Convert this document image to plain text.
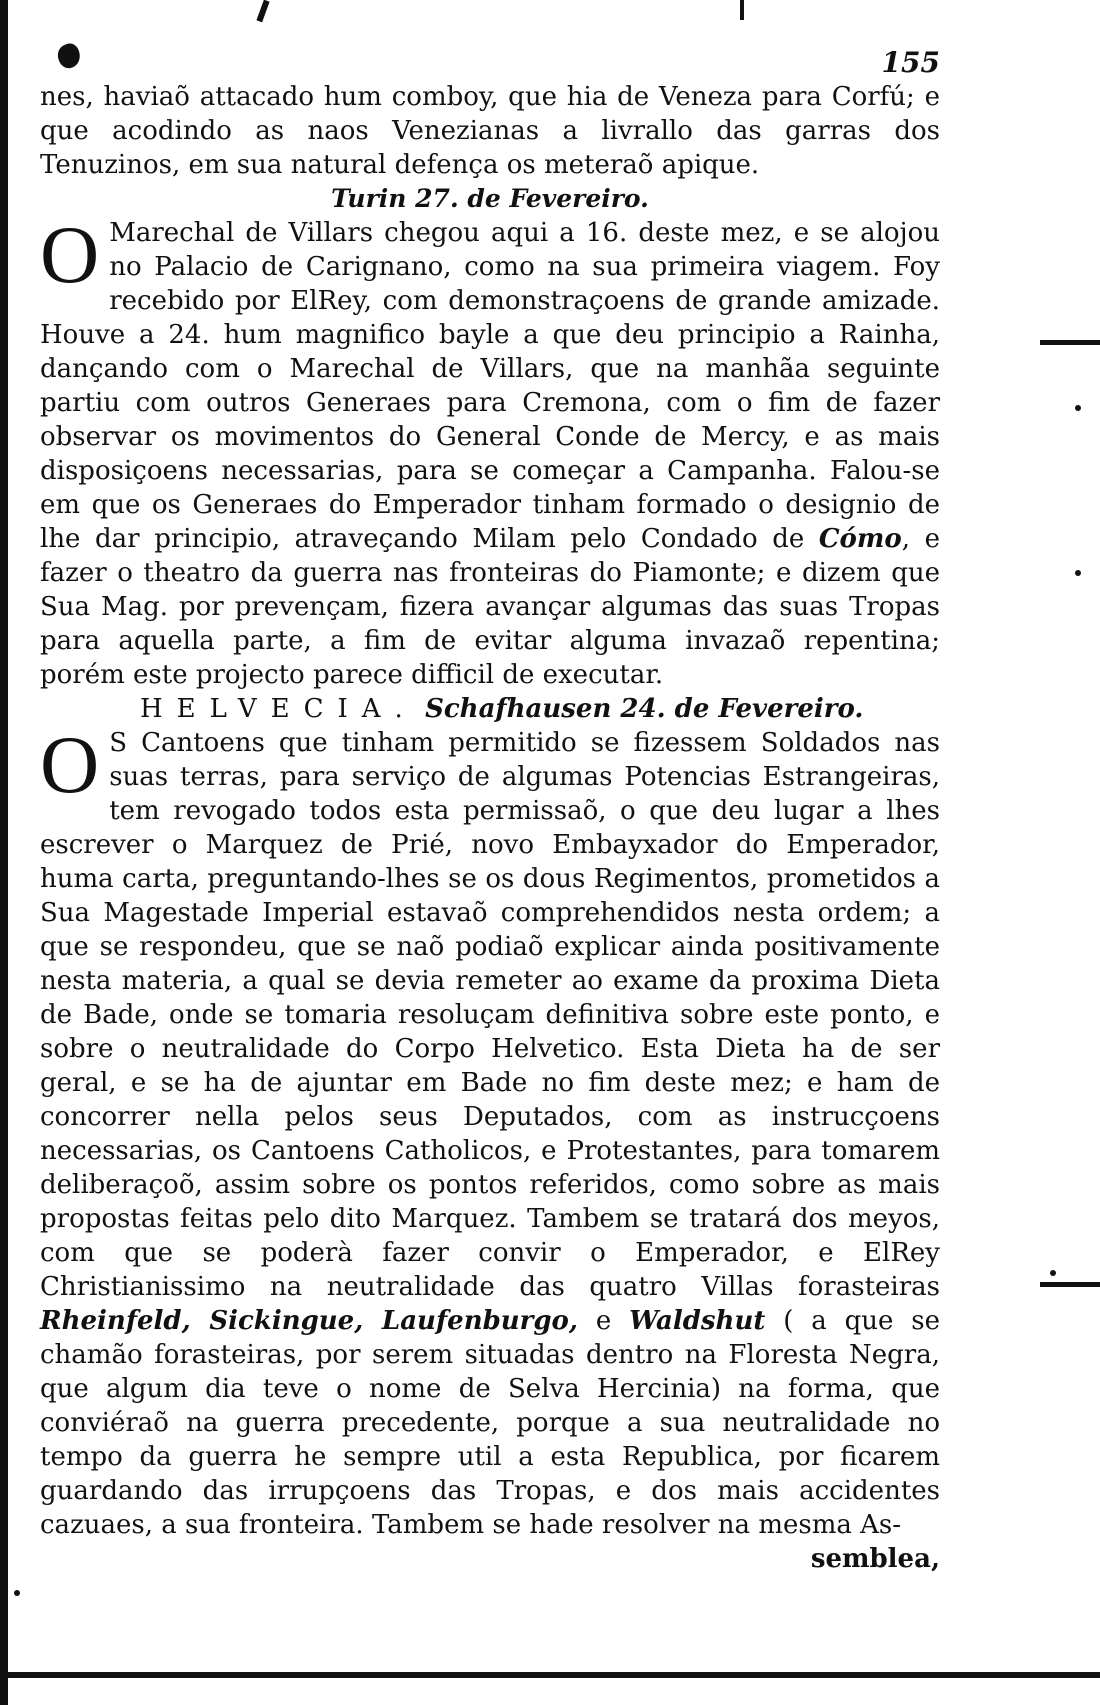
155

nes, haviaõ attacado hum comboy, que hia de Veneza para Corfú; e que acodindo as naos Venezianas a livrallo das garras dos Tenuzinos, em sua natural defença os meteraõ apique.

Turin 27. de Fevereiro.

O Marechal de Villars chegou aqui a 16. deste mez, e se alojou no Palacio de Carignano, como na sua primeira viagem. Foy recebido por ElRey, com demonstraçoens de grande amizade. Houve a 24. hum magnifico bayle a que deu principio a Rainha, dançando com o Marechal de Villars, que na manhãa seguinte partiu com outros Generaes para Cremona, com o fim de fazer observar os movimentos do General Conde de Mercy, e as mais disposiçoens necessarias, para se começar a Campanha. Falou-se em que os Generaes do Emperador tinham formado o designio de lhe dar principio, atraveçando Milam pelo Condado de Cómo, e fazer o theatro da guerra nas fronteiras do Piamonte; e dizem que Sua Mag. por prevençam, fizera avançar algumas das suas Tropas para aquella parte, a fim de evitar alguma invazaõ repentina; porém este projecto parece difficil de executar.

HELVECIA. Schafhausen 24. de Fevereiro.

O S Cantoens que tinham permitido se fizessem Soldados nas suas terras, para serviço de algumas Potencias Estrangeiras, tem revogado todos esta permissaõ, o que deu lugar a lhes escrever o Marquez de Prié, novo Embayxador do Emperador, huma carta, preguntando-lhes se os dous Regimentos, prometidos a Sua Magestade Imperial estavaõ comprehendidos nesta ordem; a que se respondeu, que se naõ podiaõ explicar ainda positivamente nesta materia, a qual se devia remeter ao exame da proxima Dieta de Bade, onde se tomaria resoluçam definitiva sobre este ponto, e sobre o neutralidade do Corpo Helvetico. Esta Dieta ha de ser geral, e se ha de ajuntar em Bade no fim deste mez; e ham de concorrer nella pelos seus Deputados, com as instrucçoens necessarias, os Cantoens Catholicos, e Protestantes, para tomarem deliberaçoõ, assim sobre os pontos referidos, como sobre as mais propostas feitas pelo dito Marquez. Tambem se tratará dos meyos, com que se poderà fazer convir o Emperador, e ElRey Christianissimo na neutralidade das quatro Villas forasteiras Rheinfeld, Sickingue, Laufenburgo, e Waldshut ( a que se chamão forasteiras, por serem situadas dentro na Floresta Negra, que algum dia teve o nome de Selva Hercinia) na forma, que conviéraõ na guerra precedente, porque a sua neutralidade no tempo da guerra he sempre util a esta Republica, por ficarem guardando das irrupçoens das Tropas, e dos mais accidentes cazuaes, a sua fronteira. Tambem se hade resolver na mesma As-

semblea,
